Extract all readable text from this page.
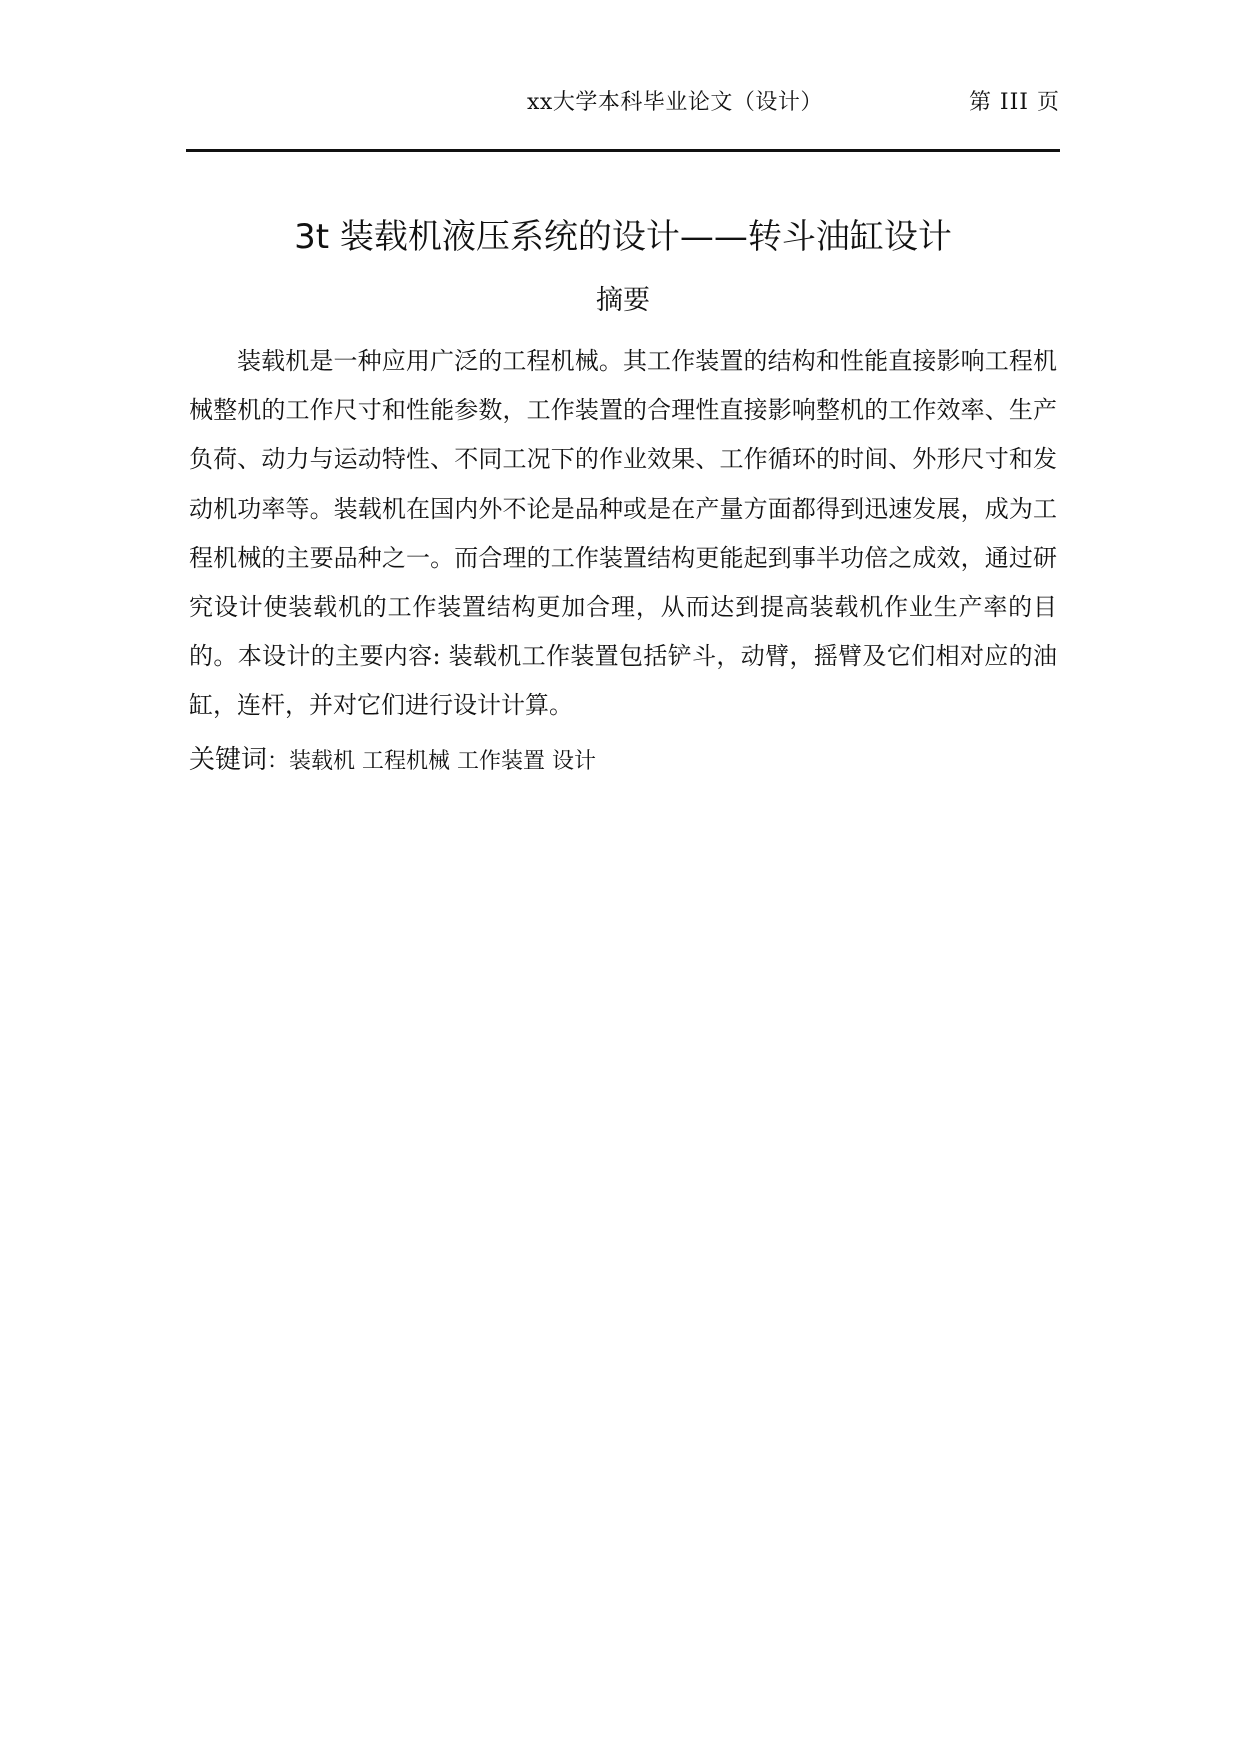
xx大学本科毕业论文（设计）	第 III 页
3t 装载机液压系统的设计——转斗油缸设计
摘要

装载机是一种应用广泛的工程机械。其工作装置的结构和性能直接影响工程机械整机的工作尺寸和性能参数，工作装置的合理性直接影响整机的工作效率、生产 负荷、动力与运动特性、不同工况下的作业效果、工作循环的时间、外形尺寸和发动机功率等。装载机在国内外不论是品种或是在产量方面都得到迅速发展，成为工程机械的主要品种之一。而合理的工作装置结构更能起到事半功倍之成效，通过研究设计使装载机的工作装置结构更加合理，从而达到提高装载机作业生产率的目的。本设计的主要内容: 装载机工作装置包括铲斗，动臂，摇臂及它们相对应的油缸，连杆，并对它们进行设计计算。

关键词：装载机 工程机械 工作装置 设计
